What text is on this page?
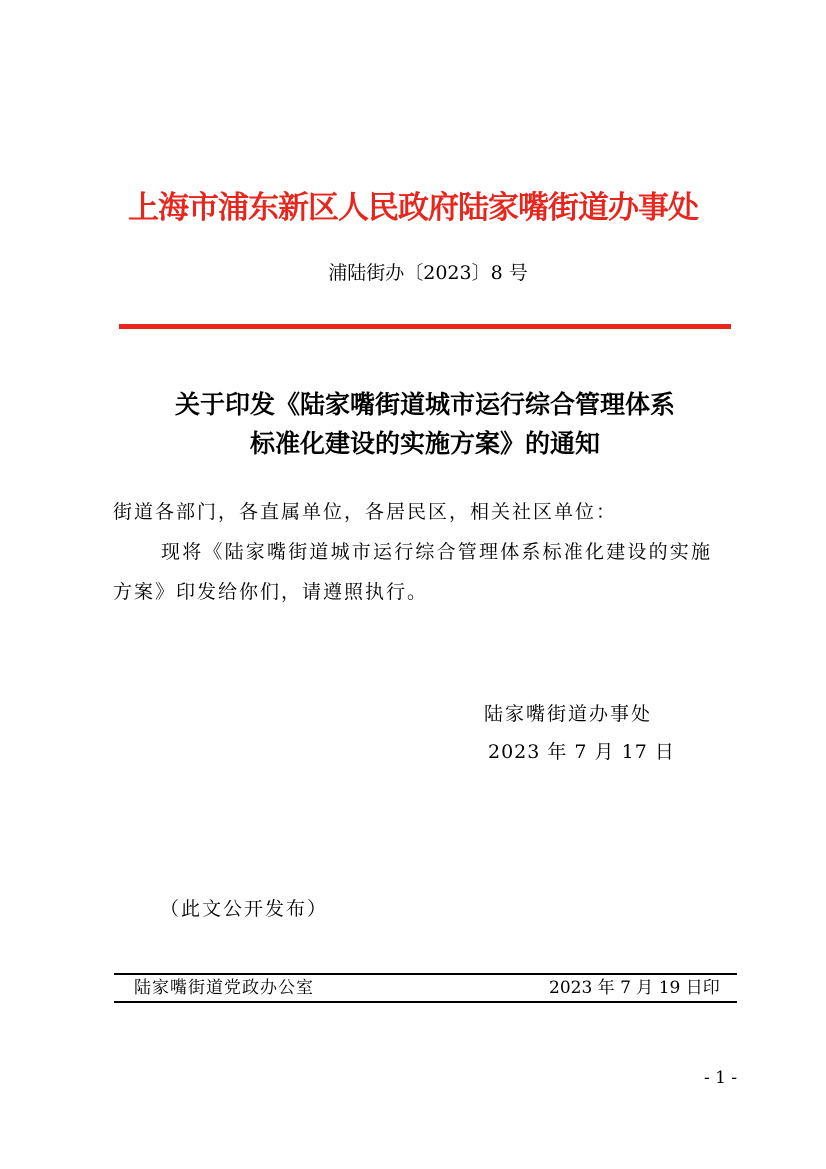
上海市浦东新区人民政府陆家嘴街道办事处
浦陆街办〔2023〕8 号
关于印发《陆家嘴街道城市运行综合管理体系
标准化建设的实施方案》的通知
街道各部门，各直属单位，各居民区，相关社区单位：
现将《陆家嘴街道城市运行综合管理体系标准化建设的实施
方案》印发给你们，请遵照执行。
陆家嘴街道办事处
2023 年 7 月 17 日
（此文公开发布）
陆家嘴街道党政办公室	2023 年 7 月 19 日印
- 1 -
